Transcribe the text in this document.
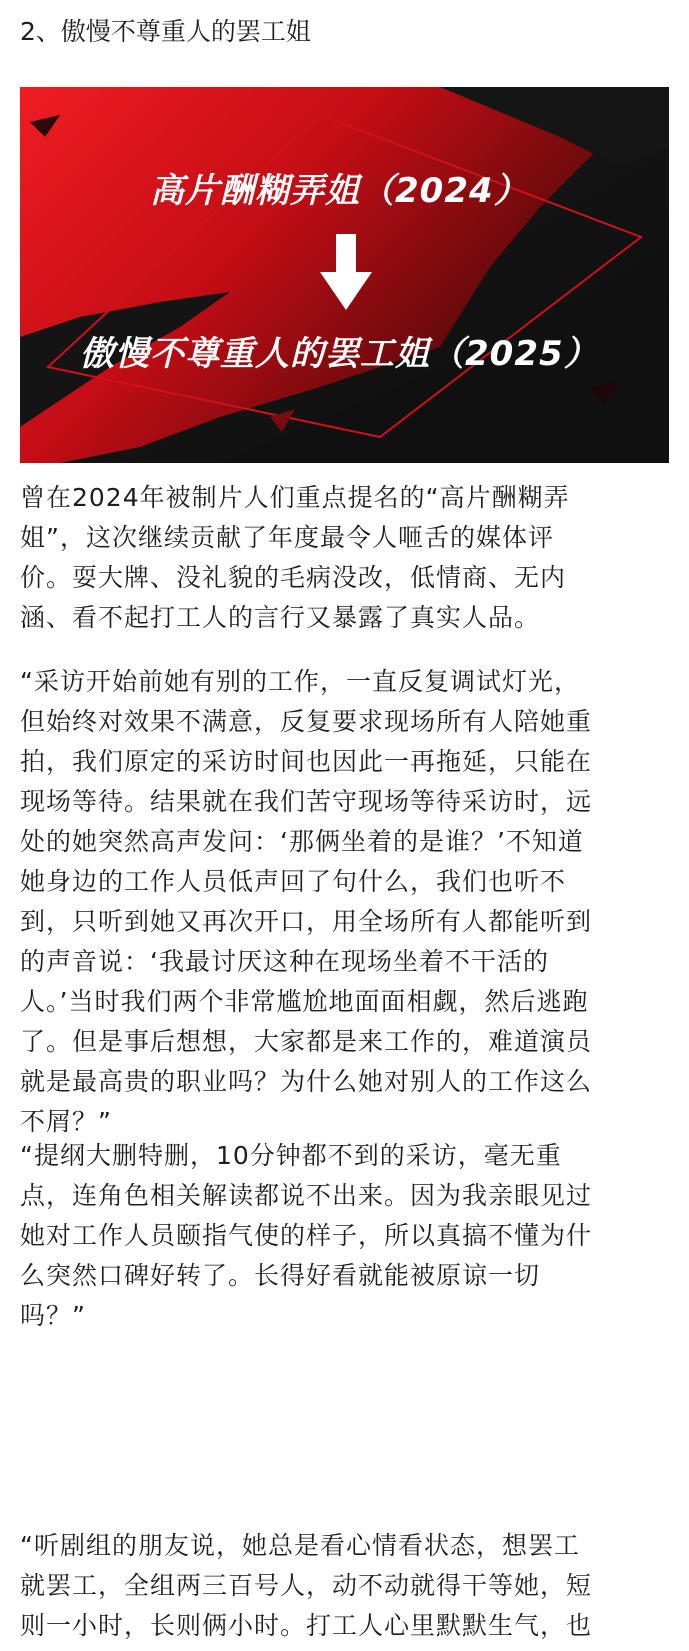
2、傲慢不尊重人的罢工姐
高片酬糊弄姐（2024）
傲慢不尊重人的罢工姐（2025）
曾在2024年被制片人们重点提名的“高片酬糊弄
姐”，这次继续贡献了年度最令人咂舌的媒体评
价。耍大牌、没礼貌的毛病没改，低情商、无内
涵、看不起打工人的言行又暴露了真实人品。
“采访开始前她有别的工作，一直反复调试灯光，
但始终对效果不满意，反复要求现场所有人陪她重
拍，我们原定的采访时间也因此一再拖延，只能在
现场等待。结果就在我们苦守现场等待采访时，远
处的她突然高声发问：‘那俩坐着的是谁？’不知道
她身边的工作人员低声回了句什么，我们也听不
到，只听到她又再次开口，用全场所有人都能听到
的声音说：‘我最讨厌这种在现场坐着不干活的
人。’当时我们两个非常尴尬地面面相觑，然后逃跑
了。但是事后想想，大家都是来工作的，难道演员
就是最高贵的职业吗？为什么她对别人的工作这么
不屑？”
“提纲大删特删，10分钟都不到的采访，毫无重
点，连角色相关解读都说不出来。因为我亲眼见过
她对工作人员颐指气使的样子，所以真搞不懂为什
么突然口碑好转了。长得好看就能被原谅一切
吗？”
“听剧组的朋友说，她总是看心情看状态，想罢工
就罢工，全组两三百号人，动不动就得干等她，短
则一小时，长则俩小时。打工人心里默默生气，也
